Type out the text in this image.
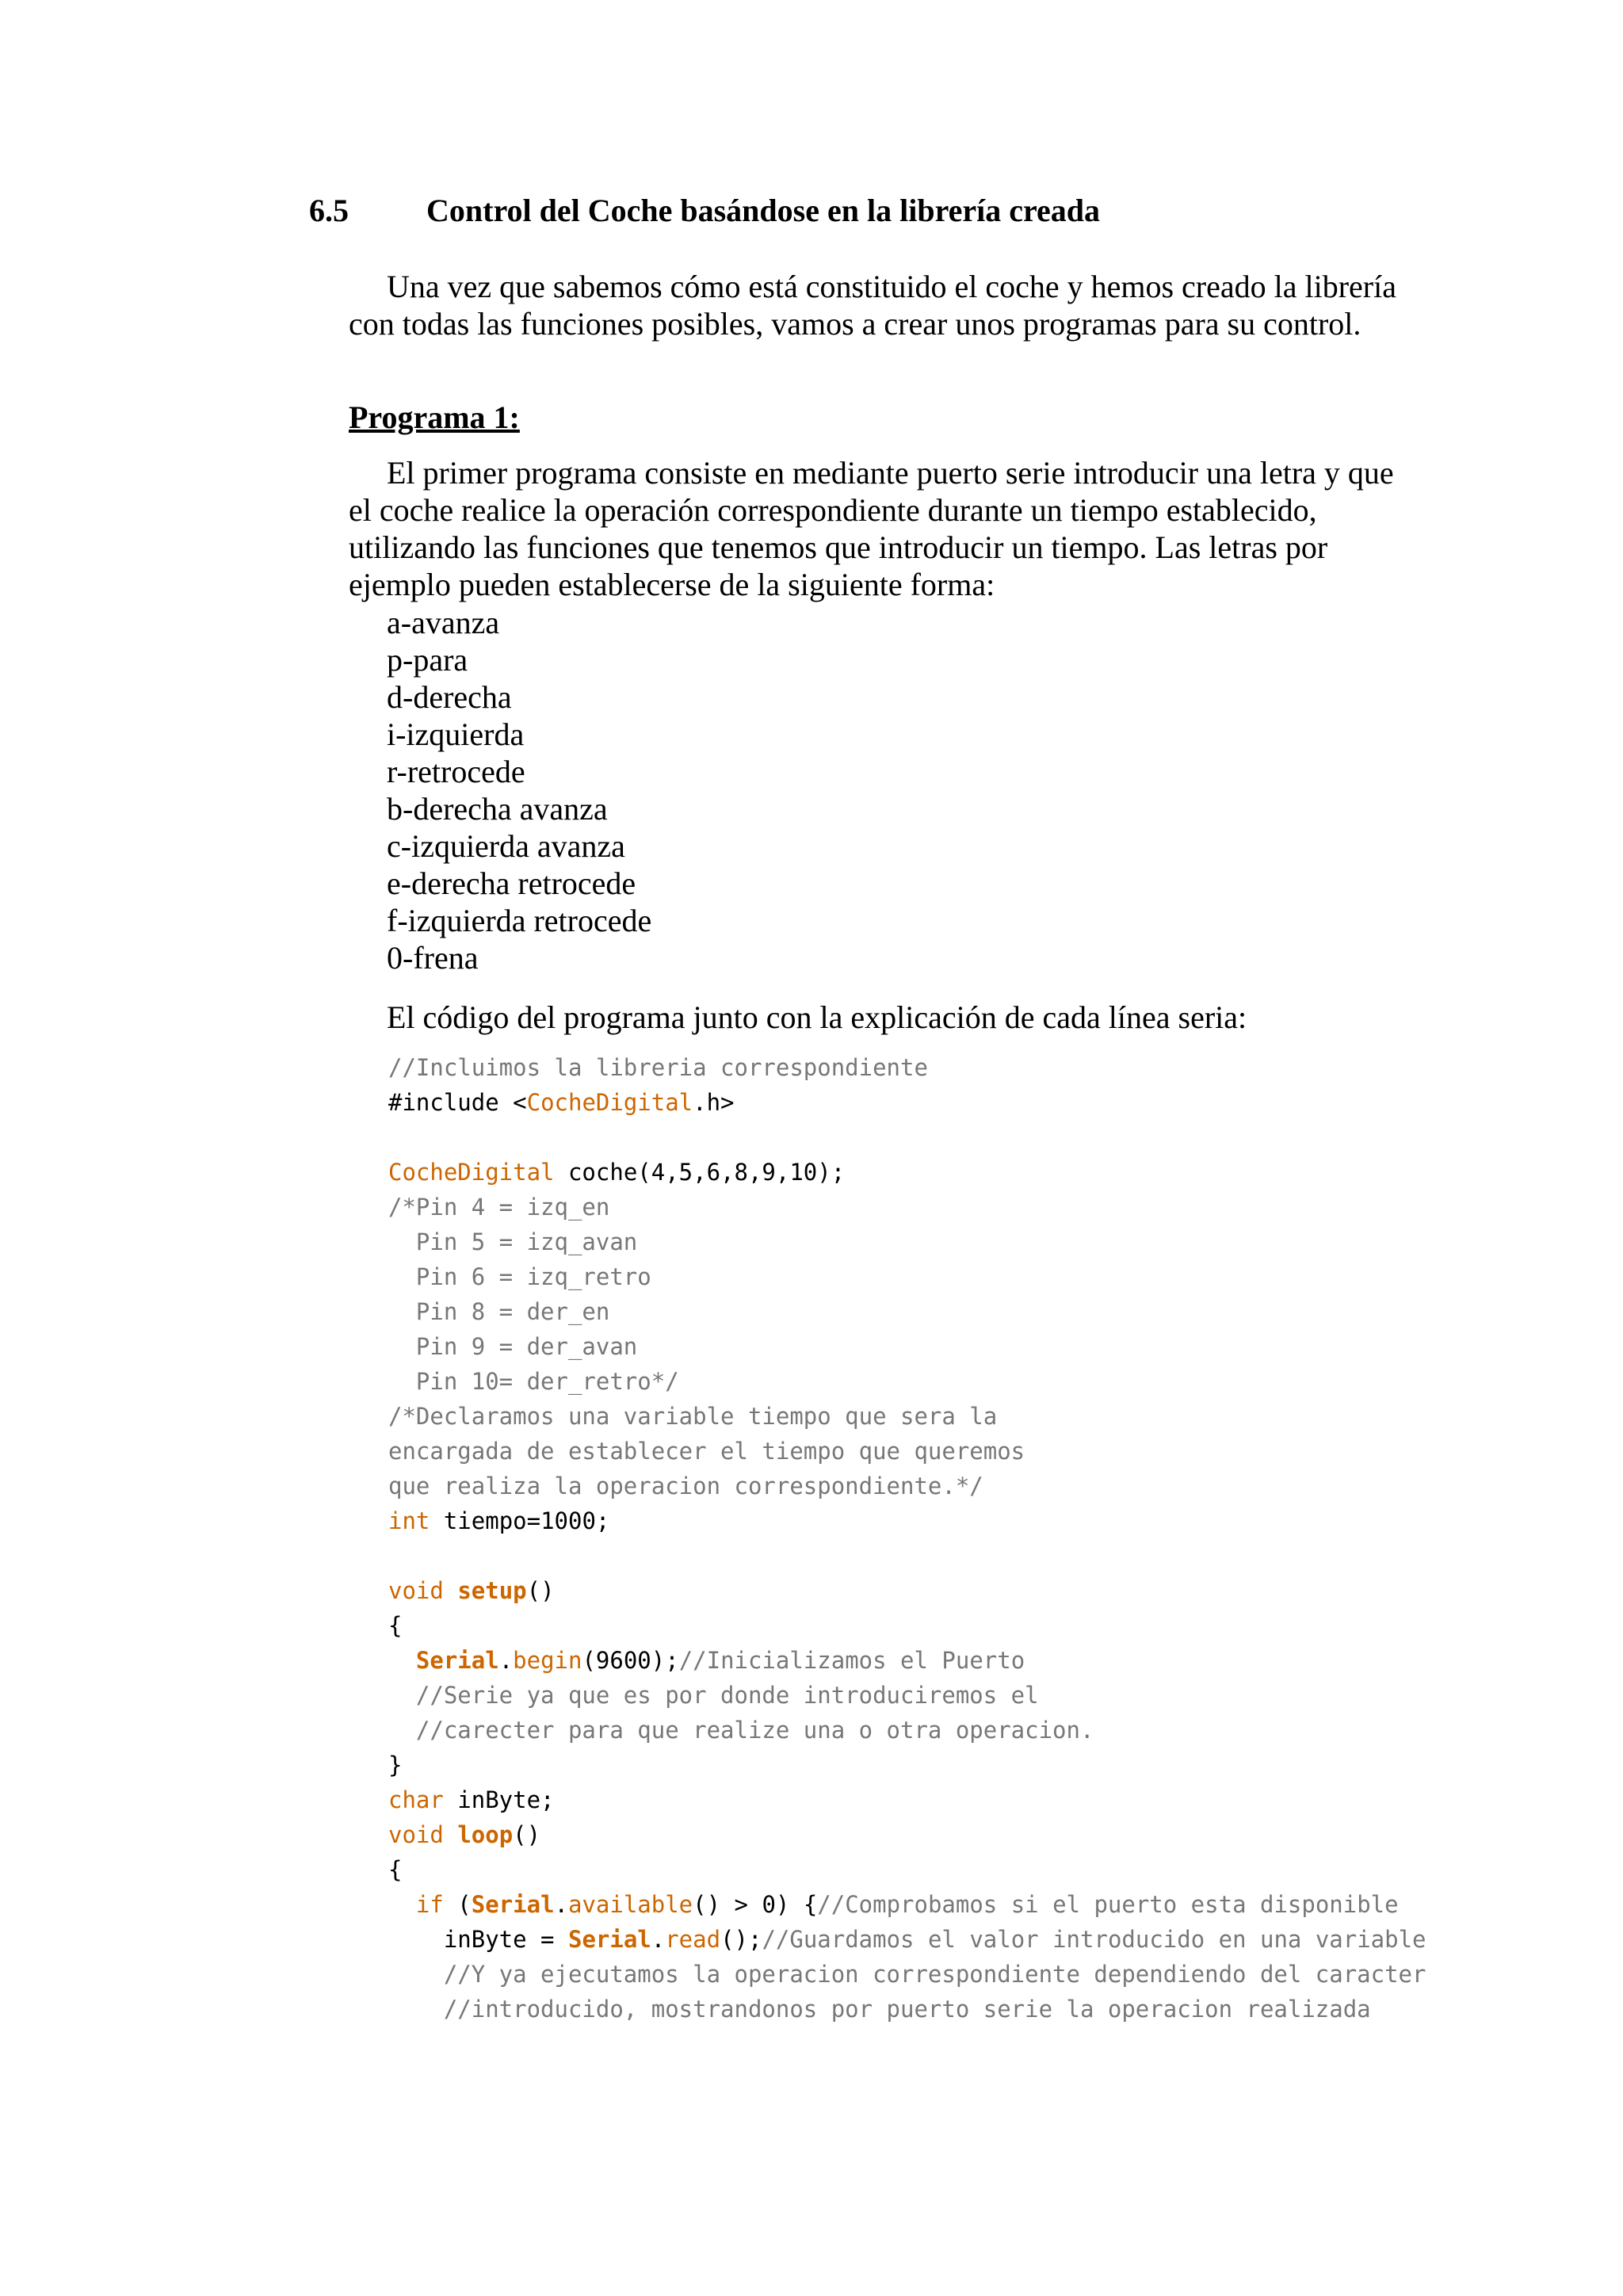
6.5 Control del Coche basándose en la librería creada

Una vez que sabemos cómo está constituido el coche y hemos creado la librería con todas las funciones posibles, vamos a crear unos programas para su control.

Programa 1:

El primer programa consiste en mediante puerto serie introducir una letra y que el coche realice la operación correspondiente durante un tiempo establecido, utilizando las funciones que tenemos que introducir un tiempo. Las letras por ejemplo pueden establecerse de la siguiente forma:

a-avanza
p-para
d-derecha
i-izquierda
r-retrocede
b-derecha avanza
c-izquierda avanza
e-derecha retrocede
f-izquierda retrocede
0-frena

El código del programa junto con la explicación de cada línea seria:

//Incluimos la libreria correspondiente
#include <CocheDigital.h>
CocheDigital coche(4,5,6,8,9,10);
/*Pin 4 = izq_en
Pin 5 = izq_avan
Pin 6 = izq_retro
Pin 8 = der_en
Pin 9 = der_avan
Pin 10= der_retro*/
/*Declaramos una variable tiempo que sera la
encargada de establecer el tiempo que queremos
que realiza la operacion correspondiente.*/
int tiempo=1000;
void setup()
{
Serial.begin(9600);//Inicializamos el Puerto
//Serie ya que es por donde introduciremos el
//carecter para que realize una o otra operacion.
}
char inByte;
void loop()
{
if (Serial.available() > 0) {//Comprobamos si el puerto esta disponible
inByte = Serial.read();//Guardamos el valor introducido en una variable
//Y ya ejecutamos la operacion correspondiente dependiendo del caracter
//introducido, mostrandonos por puerto serie la operacion realizada
